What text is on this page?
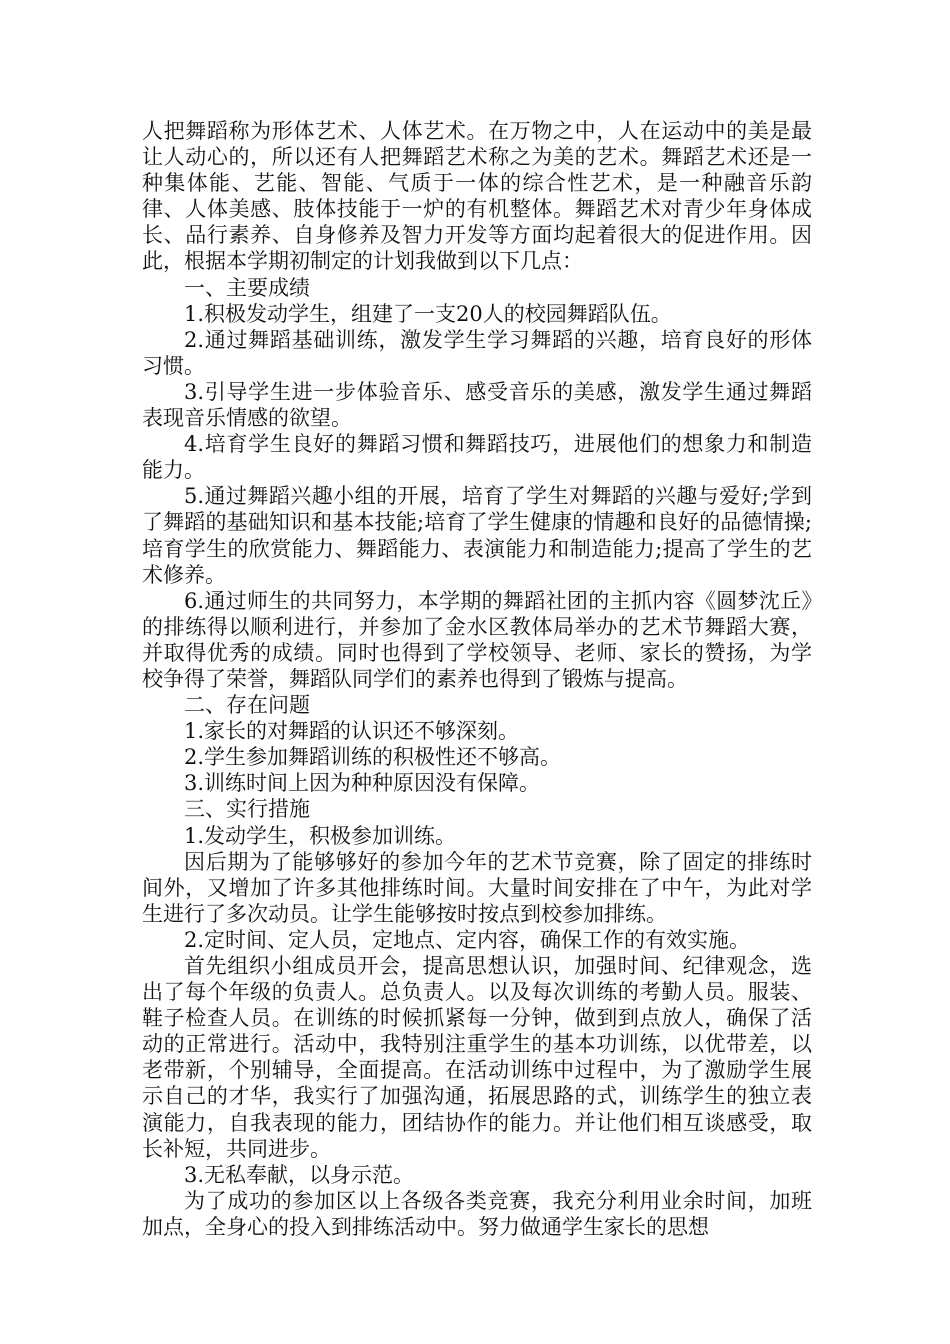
人把舞蹈称为形体艺术、人体艺术。在万物之中，人在运动中的美是最让人动心的，所以还有人把舞蹈艺术称之为美的艺术。舞蹈艺术还是一种集体能、艺能、智能、气质于一体的综合性艺术，是一种融音乐韵律、人体美感、肢体技能于一炉的有机整体。舞蹈艺术对青少年身体成长、品行素养、自身修养及智力开发等方面均起着很大的促进作用。因此，根据本学期初制定的计划我做到以下几点：

一、主要成绩

1.积极发动学生，组建了一支20人的校园舞蹈队伍。

2.通过舞蹈基础训练，激发学生学习舞蹈的兴趣，培育良好的形体习惯。

3.引导学生进一步体验音乐、感受音乐的美感，激发学生通过舞蹈表现音乐情感的欲望。

4.培育学生良好的舞蹈习惯和舞蹈技巧，进展他们的想象力和制造能力。

5.通过舞蹈兴趣小组的开展，培育了学生对舞蹈的兴趣与爱好;学到了舞蹈的基础知识和基本技能;培育了学生健康的情趣和良好的品德情操;培育学生的欣赏能力、舞蹈能力、表演能力和制造能力;提高了学生的艺术修养。

6.通过师生的共同努力，本学期的舞蹈社团的主抓内容《圆梦沈丘》的排练得以顺利进行，并参加了金水区教体局举办的艺术节舞蹈大赛，并取得优秀的成绩。同时也得到了学校领导、老师、家长的赞扬，为学校争得了荣誉，舞蹈队同学们的素养也得到了锻炼与提高。

二、存在问题

1.家长的对舞蹈的认识还不够深刻。

2.学生参加舞蹈训练的积极性还不够高。

3.训练时间上因为种种原因没有保障。

三、实行措施

1.发动学生，积极参加训练。

因后期为了能够够好的参加今年的艺术节竞赛，除了固定的排练时间外，又增加了许多其他排练时间。大量时间安排在了中午，为此对学生进行了多次动员。让学生能够按时按点到校参加排练。

2.定时间、定人员，定地点、定内容，确保工作的有效实施。

首先组织小组成员开会，提高思想认识，加强时间、纪律观念，选出了每个年级的负责人。总负责人。以及每次训练的考勤人员。服装、鞋子检查人员。在训练的时候抓紧每一分钟，做到到点放人，确保了活动的正常进行。活动中，我特别注重学生的基本功训练，以优带差，以老带新，个别辅导，全面提高。在活动训练中过程中，为了激励学生展示自己的才华，我实行了加强沟通，拓展思路的式，训练学生的独立表演能力，自我表现的能力，团结协作的能力。并让他们相互谈感受，取长补短，共同进步。

3.无私奉献，以身示范。

为了成功的参加区以上各级各类竞赛，我充分利用业余时间，加班加点，全身心的投入到排练活动中。努力做通学生家长的思想
